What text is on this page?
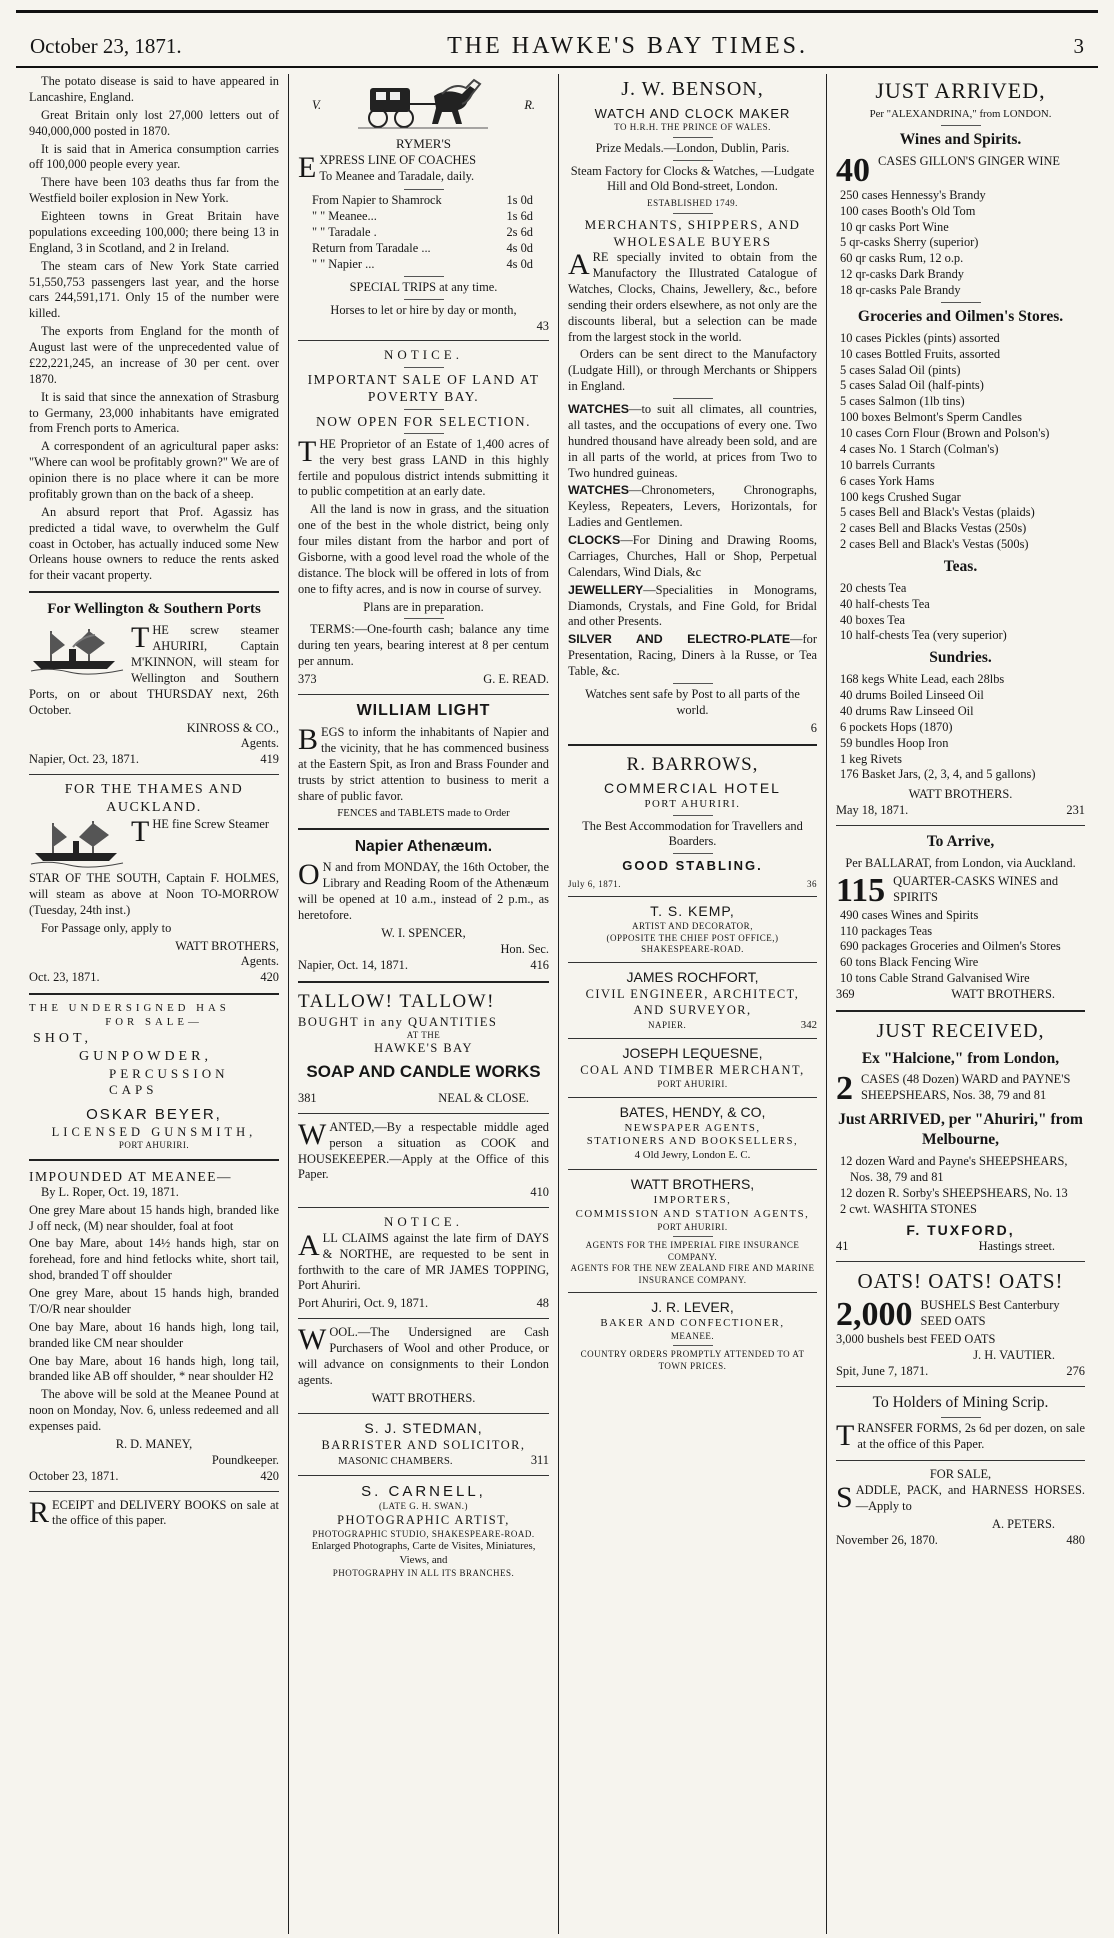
October 23, 1871.	THE HAWKE'S BAY TIMES.	3

The potato disease is said to have appeared in Lancashire, England.

Great Britain only lost 27,000 letters out of 940,000,000 posted in 1870.

It is said that in America consumption carries off 100,000 people every year.

There have been 103 deaths thus far from the Westfield boiler explosion in New York.

Eighteen towns in Great Britain have populations exceeding 100,000; there being 13 in England, 3 in Scotland, and 2 in Ireland.

The steam cars of New York State carried 51,550,753 passengers last year, and the horse cars 244,591,171. Only 15 of the number were killed.

The exports from England for the month of August last were of the unprecedented value of £22,221,245, an increase of 30 per cent. over 1870.

It is said that since the annexation of Strasburg to Germany, 23,000 inhabitants have emigrated from French ports to America.

A correspondent of an agricultural paper asks: "Where can wool be profitably grown?" We are of opinion there is no place where it can be more profitably grown than on the back of a sheep.

An absurd report that Prof. Agassiz has predicted a tidal wave, to overwhelm the Gulf coast in October, has actually induced some New Orleans house owners to reduce the rents asked for their vacant property.

For Wellington & Southern Ports

THE screw steamer AHURIRI, Captain M'KINNON, will steam for Wellington and Southern Ports, on or about THURSDAY next, 26th October.

KINROSS & CO.,
Agents.
Napier, Oct. 23, 1871.	419
FOR THE THAMES AND AUCKLAND.

THE fine Screw Steamer

STAR OF THE SOUTH, Captain F. HOLMES, will steam as above at Noon TO-MORROW (Tuesday, 24th inst.)

For Passage only, apply to

WATT BROTHERS,
Agents.
Oct. 23, 1871.	420
THE UNDERSIGNED HAS
FOR SALE—
SHOT,
GUNPOWDER,
PERCUSSION CAPS
OSKAR BEYER,
LICENSED GUNSMITH,
PORT AHURIRI.
IMPOUNDED AT MEANEE—

By L. Roper, Oct. 19, 1871.

One grey Mare about 15 hands high, branded like J off neck, (M) near shoulder, foal at foot

One bay Mare, about 14½ hands high, star on forehead, fore and hind fetlocks white, short tail, shod, branded T off shoulder

One grey Mare, about 15 hands high, branded T/O/R near shoulder

One bay Mare, about 16 hands high, long tail, branded like CM near shoulder

One bay Mare, about 16 hands high, long tail, branded like AB off shoulder, * near shoulder H2

The above will be sold at the Meanee Pound at noon on Monday, Nov. 6, unless redeemed and all expenses paid.

R. D. MANEY,
Poundkeeper.
October 23, 1871.	420

RECEIPT and DELIVERY BOOKS on sale at the office of this paper.

V.	R.
RYMER'S

EXPRESS LINE OF COACHES
To Meanee and Taradale, daily.

From Napier to Shamrock	1s 0d
" " Meanee...	1s 6d
" " Taradale .	2s 6d
Return from Taradale ...	4s 0d
" " Napier ...	4s 0d
SPECIAL TRIPS at any time.
Horses to let or hire by day or month,
43
NOTICE.
IMPORTANT SALE OF LAND AT POVERTY BAY.
NOW OPEN FOR SELECTION.

THE Proprietor of an Estate of 1,400 acres of the very best grass LAND in this highly fertile and populous district intends submitting it to public competition at an early date.

All the land is now in grass, and the situation one of the best in the whole district, being only four miles distant from the harbor and port of Gisborne, with a good level road the whole of the distance. The block will be offered in lots of from one to fifty acres, and is now in course of survey.

Plans are in preparation.

TERMS:—One-fourth cash; balance any time during ten years, bearing interest at 8 per centum per annum.

373	G. E. READ.
WILLIAM LIGHT

BEGS to inform the inhabitants of Napier and the vicinity, that he has commenced business at the Eastern Spit, as Iron and Brass Founder and trusts by strict attention to business to merit a share of public favor.

FENCES and TABLETS made to Order
Napier Athenæum.

O N and from MONDAY, the 16th October, the Library and Reading Room of the Athenæum will be opened at 10 a.m., instead of 2 p.m., as heretofore.

W. I. SPENCER,
Hon. Sec.
Napier, Oct. 14, 1871.	416
TALLOW! TALLOW!
BOUGHT in any QUANTITIES
AT THE
HAWKE'S BAY
SOAP AND CANDLE WORKS
381	NEAL & CLOSE.

WANTED,—By a respectable middle aged person a situation as COOK and HOUSEKEEPER.—Apply at the Office of this Paper.

410
NOTICE.

ALL CLAIMS against the late firm of DAYS & NORTHE, are requested to be sent in forthwith to the care of MR JAMES TOPPING, Port Ahuriri.

Port Ahuriri, Oct. 9, 1871.	48

WOOL.—The Undersigned are Cash Purchasers of Wool and other Produce, or will advance on consignments to their London agents.

WATT BROTHERS.
S. J. STEDMAN,
BARRISTER AND SOLICITOR,
MASONIC CHAMBERS.	311
S. CARNELL,
(LATE G. H. SWAN.)
PHOTOGRAPHIC ARTIST,
PHOTOGRAPHIC STUDIO, SHAKESPEARE-ROAD.
Enlarged Photographs, Carte de Visites, Miniatures, Views, and
PHOTOGRAPHY IN ALL ITS BRANCHES.
J. W. BENSON,
WATCH AND CLOCK MAKER
TO H.R.H. THE PRINCE OF WALES.
Prize Medals.—London, Dublin, Paris.

Steam Factory for Clocks & Watches, —Ludgate Hill and Old Bond-street, London.

ESTABLISHED 1749.
MERCHANTS, SHIPPERS, AND WHOLESALE BUYERS

ARE specially invited to obtain from the Manufactory the Illustrated Catalogue of Watches, Clocks, Chains, Jewellery, &c., before sending their orders elsewhere, as not only are the discounts liberal, but a selection can be made from the largest stock in the world.

Orders can be sent direct to the Manufactory (Ludgate Hill), or through Merchants or Shippers in England.

WATCHES—to suit all climates, all countries, all tastes, and the occupations of every one. Two hundred thousand have already been sold, and are in all parts of the world, at prices from Two to Two hundred guineas.

WATCHES—Chronometers, Chronographs, Keyless, Repeaters, Levers, Horizontals, for Ladies and Gentlemen.

CLOCKS—For Dining and Drawing Rooms, Carriages, Churches, Hall or Shop, Perpetual Calendars, Wind Dials, &c

JEWELLERY—Specialities in Monograms, Diamonds, Crystals, and Fine Gold, for Bridal and other Presents.

SILVER AND ELECTRO-PLATE—for Presentation, Racing, Diners à la Russe, or Tea Table, &c.

Watches sent safe by Post to all parts of the world.

6
R. BARROWS,
COMMERCIAL HOTEL
PORT AHURIRI.

The Best Accommodation for Travellers and Boarders.

GOOD STABLING.
July 6, 1871.	36
T. S. KEMP,
ARTIST AND DECORATOR,
(OPPOSITE THE CHIEF POST OFFICE,)
SHAKESPEARE-ROAD.
JAMES ROCHFORT,
CIVIL ENGINEER, ARCHITECT, AND SURVEYOR,
NAPIER.	342
JOSEPH LEQUESNE,
COAL AND TIMBER MERCHANT,
PORT AHURIRI.
BATES, HENDY, & CO,
NEWSPAPER AGENTS,
STATIONERS AND BOOKSELLERS,
4 Old Jewry, London E. C.
WATT BROTHERS,
IMPORTERS,
COMMISSION AND STATION AGENTS,
PORT AHURIRI.
AGENTS FOR THE IMPERIAL FIRE INSURANCE COMPANY.
AGENTS FOR THE NEW ZEALAND FIRE AND MARINE INSURANCE COMPANY.
J. R. LEVER,
BAKER AND CONFECTIONER,
MEANEE.
COUNTRY ORDERS PROMPTLY ATTENDED TO AT TOWN PRICES.
JUST ARRIVED,
Per "ALEXANDRINA," from LONDON.
Wines and Spirits.
40 CASES GILLON'S GINGER WINE
250 cases Hennessy's Brandy
100 cases Booth's Old Tom
10 qr casks Port Wine
5 qr-casks Sherry (superior)
60 qr casks Rum, 12 o.p.
12 qr-casks Dark Brandy
18 qr-casks Pale Brandy
Groceries and Oilmen's Stores.
10 cases Pickles (pints) assorted
10 cases Bottled Fruits, assorted
5 cases Salad Oil (pints)
5 cases Salad Oil (half-pints)
5 cases Salmon (1lb tins)
100 boxes Belmont's Sperm Candles
10 cases Corn Flour (Brown and Polson's)
4 cases No. 1 Starch (Colman's)
10 barrels Currants
6 cases York Hams
100 kegs Crushed Sugar
5 cases Bell and Black's Vestas (plaids)
2 cases Bell and Blacks Vestas (250s)
2 cases Bell and Black's Vestas (500s)
Teas.
20 chests Tea
40 half-chests Tea
40 boxes Tea
10 half-chests Tea (very superior)
Sundries.
168 kegs White Lead, each 28lbs
40 drums Boiled Linseed Oil
40 drums Raw Linseed Oil
6 pockets Hops (1870)
59 bundles Hoop Iron
1 keg Rivets
176 Basket Jars, (2, 3, 4, and 5 gallons)
WATT BROTHERS.
May 18, 1871.	231
To Arrive,

Per BALLARAT, from London, via Auckland.

115 QUARTER-CASKS WINES and SPIRITS
490 cases Wines and Spirits
110 packages Teas
690 packages Groceries and Oilmen's Stores
60 tons Black Fencing Wire
10 tons Cable Strand Galvanised Wire
369	WATT BROTHERS.
JUST RECEIVED,
Ex "Halcione," from London,
2 CASES (48 Dozen) WARD and PAYNE'S SHEEPSHEARS, Nos. 38, 79 and 81
Just ARRIVED, per "Ahuriri," from Melbourne,
12 dozen Ward and Payne's SHEEPSHEARS, Nos. 38, 79 and 81
12 dozen R. Sorby's SHEEPSHEARS, No. 13
2 cwt. WASHITA STONES
F. TUXFORD,
41	Hastings street.
OATS! OATS! OATS!
2,000 BUSHELS Best Canterbury SEED OATS
3,000 bushels best FEED OATS
J. H. VAUTIER.
Spit, June 7, 1871.	276
To Holders of Mining Scrip.

TRANSFER FORMS, 2s 6d per dozen, on sale at the office of this Paper.

FOR SALE,

SADDLE, PACK, and HARNESS HORSES.—Apply to

A. PETERS.
November 26, 1870.	480
